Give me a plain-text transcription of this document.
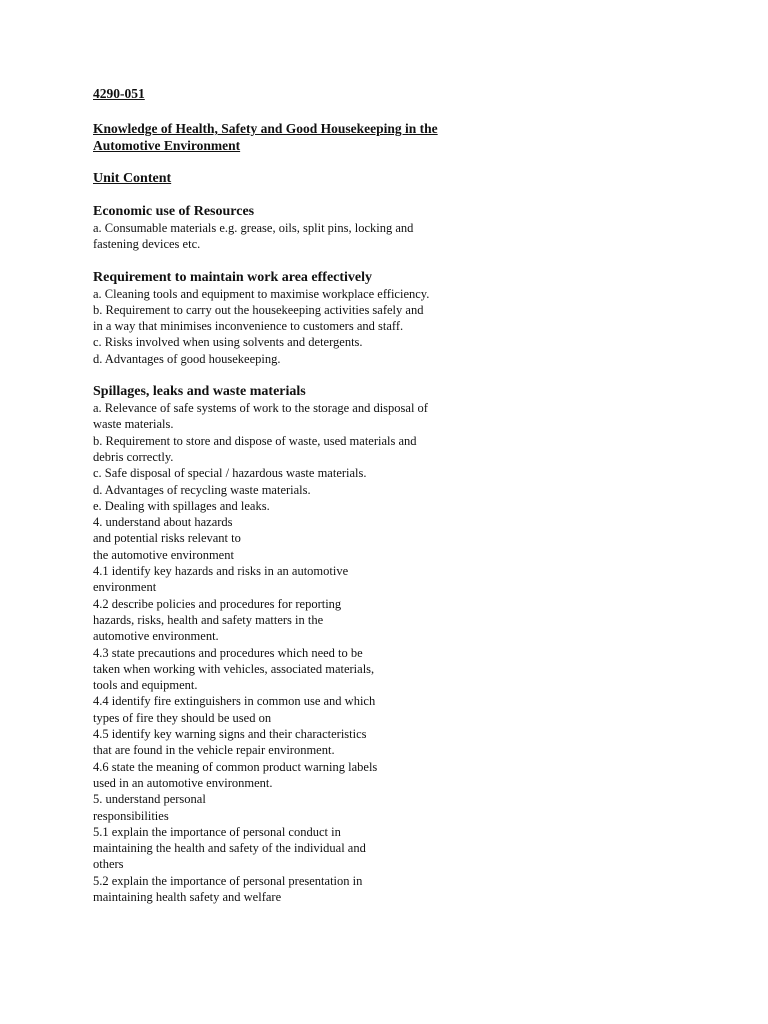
4290-051
Knowledge of Health, Safety and Good Housekeeping in the
Automotive Environment
Unit Content
Economic use of Resources
a. Consumable materials e.g. grease, oils, split pins, locking and
fastening devices etc.
Requirement to maintain work area effectively
a. Cleaning tools and equipment to maximise workplace efficiency.
b. Requirement to carry out the housekeeping activities safely and
in a way that minimises inconvenience to customers and staff.
c. Risks involved when using solvents and detergents.
d. Advantages of good housekeeping.
Spillages, leaks and waste materials
a. Relevance of safe systems of work to the storage and disposal of
waste materials.
b. Requirement to store and dispose of waste, used materials and
debris correctly.
c. Safe disposal of special / hazardous waste materials.
d. Advantages of recycling waste materials.
e. Dealing with spillages and leaks.
4. understand about hazards
and potential risks relevant to
the automotive environment
4.1 identify key hazards and risks in an automotive
environment
4.2 describe policies and procedures for reporting
hazards, risks, health and safety matters in the
automotive environment.
4.3 state precautions and procedures which need to be
taken when working with vehicles, associated materials,
tools and equipment.
4.4 identify fire extinguishers in common use and which
types of fire they should be used on
4.5 identify key warning signs and their characteristics
that are found in the vehicle repair environment.
4.6 state the meaning of common product warning labels
used in an automotive environment.
5. understand personal
responsibilities
5.1 explain the importance of personal conduct in
maintaining the health and safety of the individual and
others
5.2 explain the importance of personal presentation in
maintaining health safety and welfare
